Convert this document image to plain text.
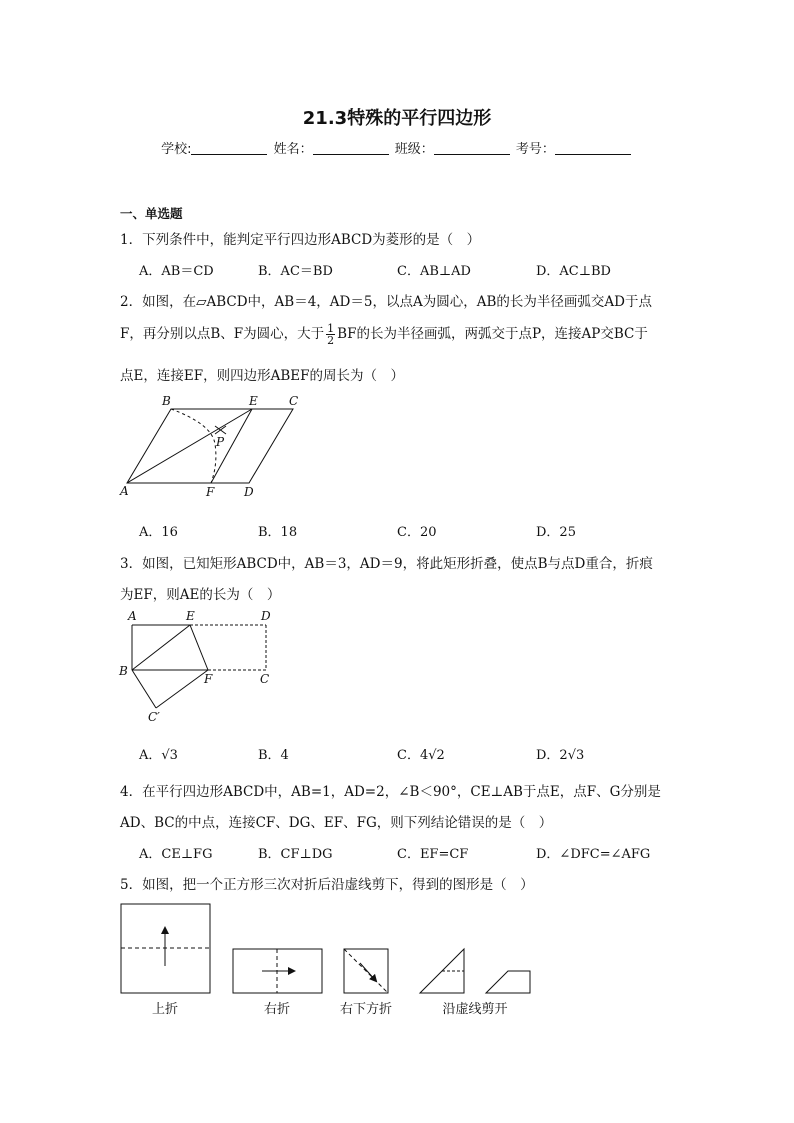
21.3特殊的平行四边形
学校:	姓名：	班级：	考号：
一、单选题
1．下列条件中，能判定平行四边形ABCD为菱形的是（　）
A．AB＝CD	B．AC＝BD	C．AB⊥AD	D．AC⊥BD
2．如图，在▱ABCD中，AB＝4，AD＝5，以点A为圆心，AB的长为半径画弧交AD于点
F，再分别以点B、F为圆心，大于 $\frac{1}{2}$ BF的长为半径画弧，两弧交于点P，连接AP交BC于
点E，连接EF，则四边形ABEF的周长为（　）
B	E	C
P
A	F D
A．16	B．18	C．20	D．25
3．如图，已知矩形ABCD中，AB＝3，AD＝9，将此矩形折叠，使点B与点D重合，折痕
为EF，则AE的长为（　）
A	E	D
B
F	C
C′
A．√3	B．4	C．4√2	D．2√3
4．在平行四边形ABCD中，AB=1，AD=2，∠B＜90°，CE⊥AB于点E，点F、G分别是
AD、BC的中点，连接CF、DG、EF、FG，则下列结论错误的是（　）
A．CE⊥FG	B．CF⊥DG	C．EF=CF	D．∠DFC=∠AFG
5．如图，把一个正方形三次对折后沿虚线剪下，得到的图形是（　）
上折	右折	右下方折	沿虚线剪开
